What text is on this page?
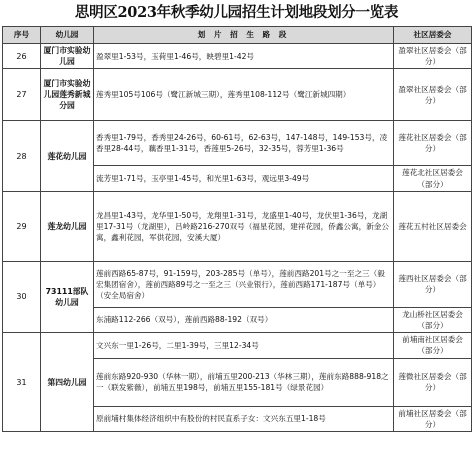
思明区2023年秋季幼儿园招生计划地段划分一览表
序号	幼儿园	划 片 招 生 路 段	社区居委会
26	厦门市实验幼儿园	盈翠里1-53号，玉荷里1-46号，映碧里1-42号	盈翠社区居委会（部分）
27	厦门市实验幼儿园莲秀新城分园	莲秀里105号106号（鹭江新城三期），莲秀里108-112号（鹭江新城四期）	盈翠社区居委会（部分）
28	莲花幼儿园	香秀里1-79号，香秀里24-26号，60-61号，62-63号，147-148号，149-153号，凌香里28-44号，藕香里1-31号，香莲里5-26号，32-35号，蓉芳里1-36号	莲花社区居委会（部分）
		流芳里1-71号，玉亭里1-45号，和光里1-63号，观远里3-49号	莲花北社区居委会（部分）
29	莲龙幼儿园	龙昌里1-43号，龙华里1-50号，龙翔里1-31号，龙盛里1-40号，龙伏里1-36号，龙湖里17-31号（龙湖里），吕岭路216-270双号（福星花园，建祥花园，侨鑫公寓，新金公寓，鑫利花园，军供花园，安溪大厦）	莲花五村社区居委会
30	73111部队幼儿园	莲前西路65-87号，91-159号，203-285号（单号），莲前西路201号之一至之三（毅宏集团宿舍），莲前西路89号之一至之三（兴业银行），莲前西路171-187号（单号）（安全局宿舍）	莲西社区居委会（部分）
		东浦路112-266（双号），莲前西路88-192（双号）	龙山桥社区居委会（部分）
31	第四幼儿园	文兴东一里1-26号，二里1-39号，三里12-34号	前埔南社区居委会（部分）
		莲前东路920-930（华林一期），前埔五里200-213（华林三期），莲前东路888-918之一（联发紫薇），前埔五里198号，前埔五里155-181号（绿景花园）	莲微社区居委会（部分）
		原前埔村集体经济组织中有股份的村民直系子女：文兴东五里1-18号	前埔社区居委会（部分）
